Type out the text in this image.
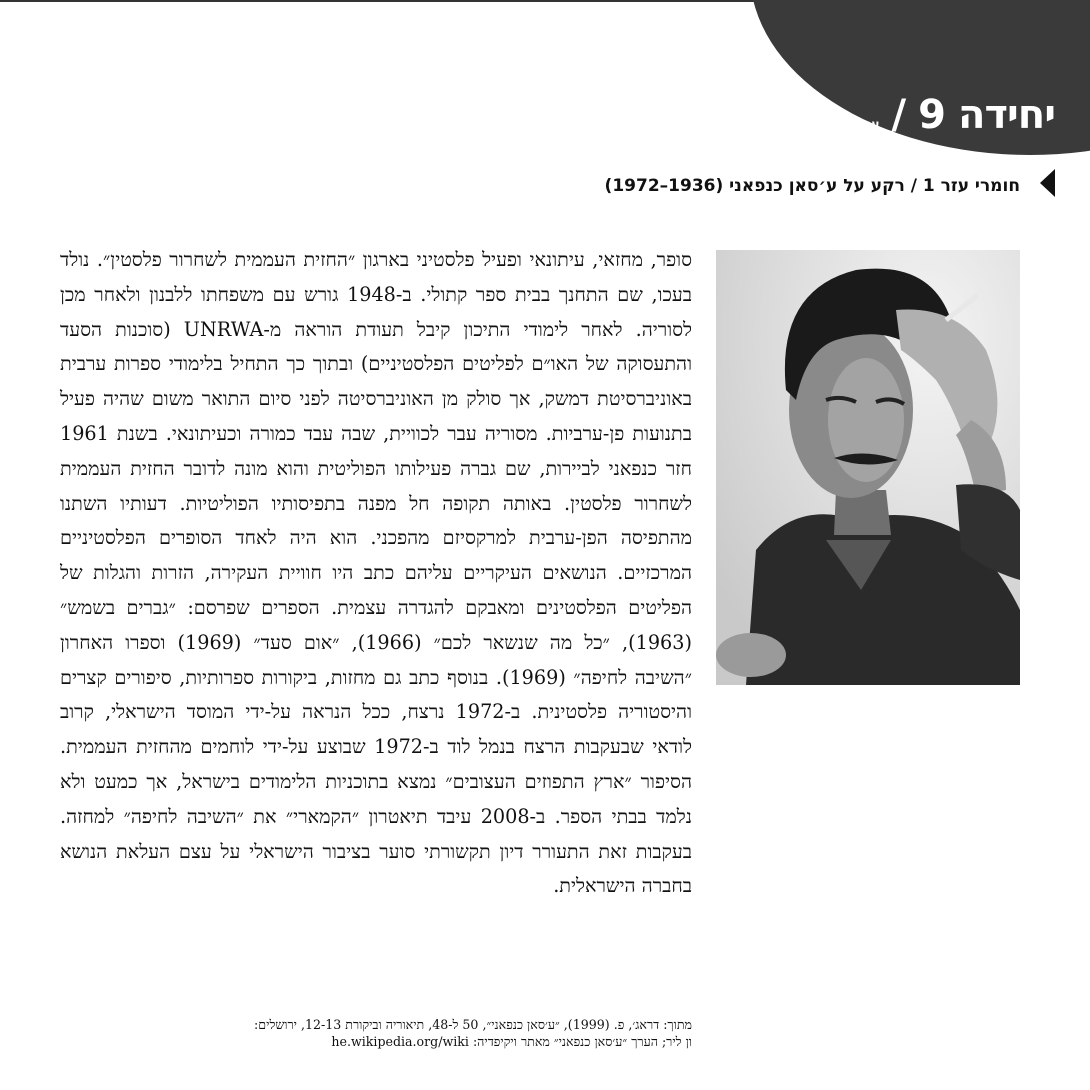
יחידה
9
/
עמ׳ 1
חומרי עזר 1 / רקע על ע׳סאן כנפאני (1936–1972)
סופר, מחזאי, עיתונאי ופעיל פלסטיני בארגון ״החזית העממית לשחרור פלסטין״. נולד בעכו, שם התחנך בבית ספר קתולי. ב-1948 גורש עם משפחתו ללבנון ולאחר מכן לסוריה. לאחר לימודי התיכון קיבל תעודת הוראה מ-UNRWA (סוכנות הסעד והתעסוקה של האו״ם לפליטים הפלסטיניים) ובתוך כך התחיל בלימודי ספרות ערבית באוניברסיטת דמשק, אך סולק מן האוניברסיטה לפני סיום התואר משום שהיה פעיל בתנועות פן-ערביות. מסוריה עבר לכוויית, שבה עבד כמורה וכעיתונאי. בשנת 1961 חזר כנפאני לביירות, שם גברה פעילותו הפוליטית והוא מונה לדובר החזית העממית לשחרור פלסטין. באותה תקופה חל מפנה בתפיסותיו הפוליטיות. דעותיו השתנו מהתפיסה הפן-ערבית למרקסיזם מהפכני. הוא היה לאחד הסופרים הפלסטיניים המרכזיים. הנושאים העיקריים עליהם כתב היו חוויית העקירה, הזרות והגלות של הפליטים הפלסטינים ומאבקם להגדרה עצמית. הספרים שפרסם: ״גברים בשמש״ (1963), ״כל מה שנשאר לכם״ (1966), ״אום סעד״ (1969) וספרו האחרון ״השיבה לחיפה״ (1969). בנוסף כתב גם מחזות, ביקורות ספרותיות, סיפורים קצרים והיסטוריה פלסטינית. ב-1972 נרצח, ככל הנראה על-ידי המוסד הישראלי, קרוב לודאי שבעקבות הרצח בנמל לוד ב-1972 שבוצע על-ידי לוחמים מהחזית העממית. הסיפור ״ארץ התפוזים העצובים״ נמצא בתוכניות הלימודים בישראל, אך כמעט ולא נלמד בבתי הספר. ב-2008 עיבד תיאטרון ״הקמארי״ את ״השיבה לחיפה״ למחזה. בעקבות זאת התעורר דיון תקשורתי סוער בציבור הישראלי על עצם העלאת הנושא בחברה הישראלית.
מתוך: דראג׳, פ. (1999), ״ע׳סאן כנפאני״, 50 ל-48, תיאוריה וביקורת 12-13, ירושלים:
ון ליר; הערך ״ע׳סאן כנפאני״ מאתר ויקיפדיה: he.wikipedia.org/wiki
